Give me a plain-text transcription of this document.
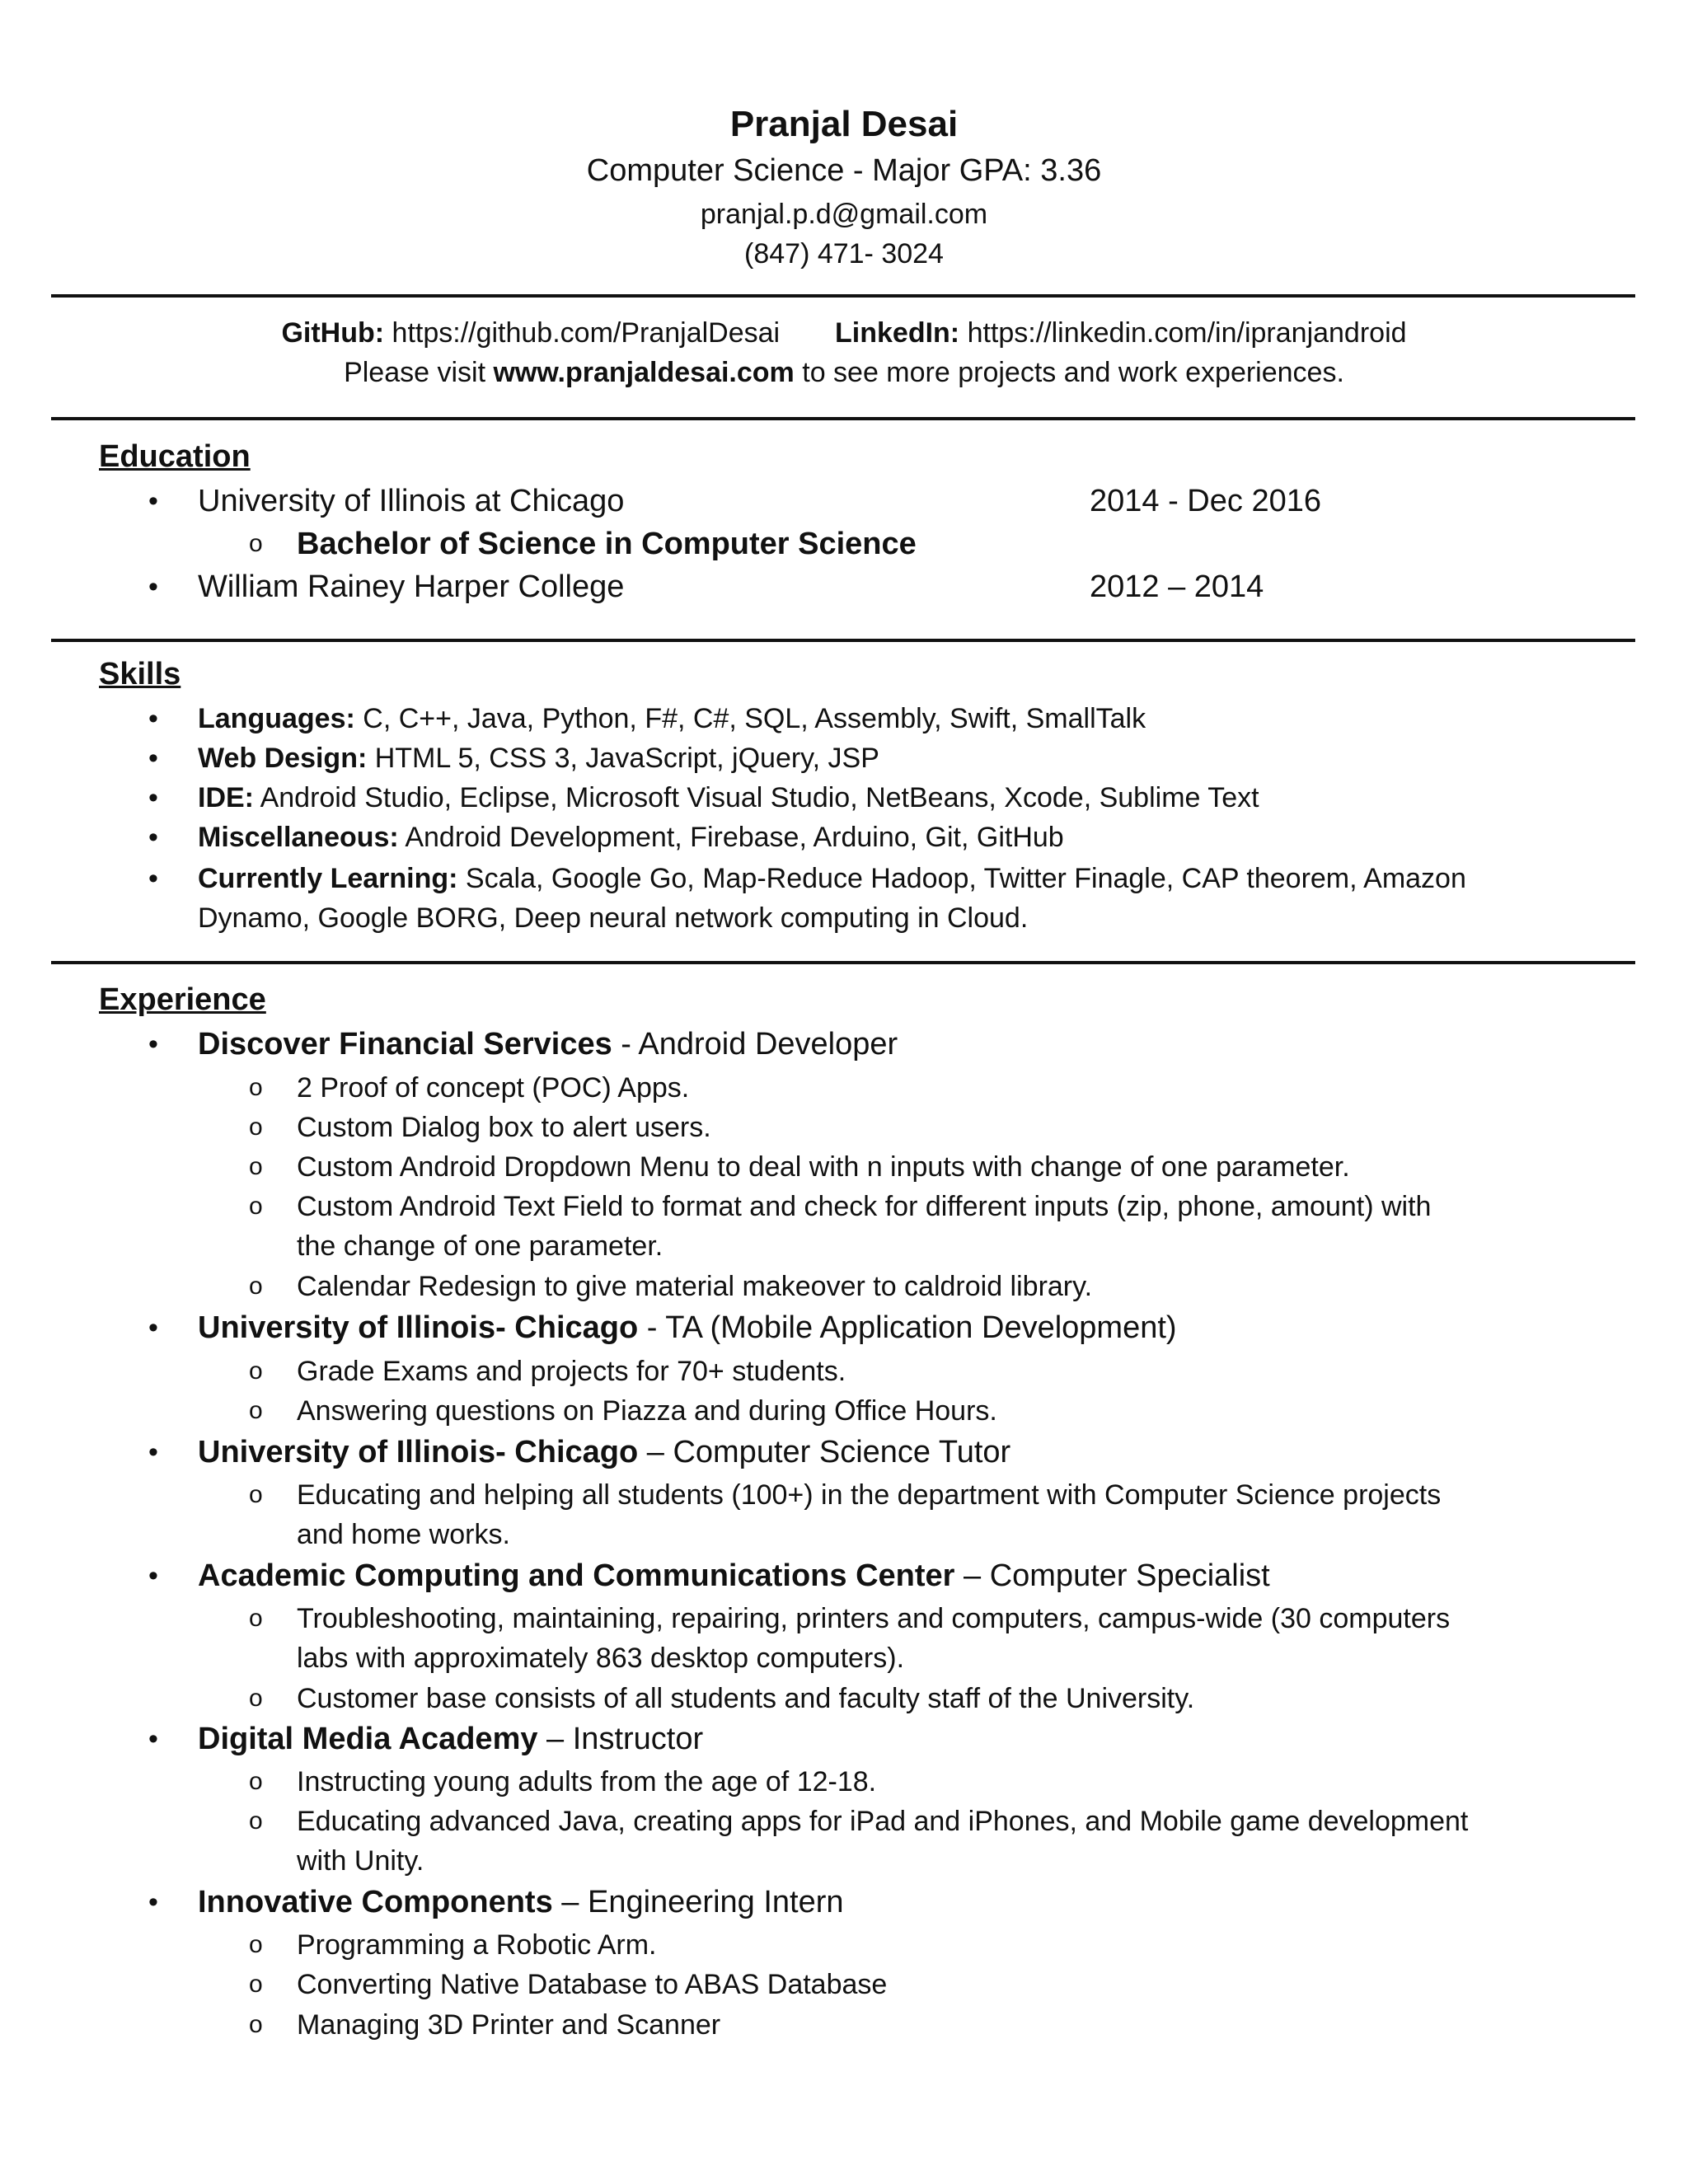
Pranjal Desai
Computer Science - Major GPA: 3.36
pranjal.p.d@gmail.com
(847) 471- 3024
GitHub: https://github.com/PranjalDesai LinkedIn: https://linkedin.com/in/ipranjandroid
Please visit www.pranjaldesai.com to see more projects and work experiences.
Education
• University of Illinois at Chicago	2014 - Dec 2016
o Bachelor of Science in Computer Science
• William Rainey Harper College	2012 – 2014
Skills
• Languages: C, C++, Java, Python, F#, C#, SQL, Assembly, Swift, SmallTalk
• Web Design: HTML 5, CSS 3, JavaScript, jQuery, JSP
• IDE: Android Studio, Eclipse, Microsoft Visual Studio, NetBeans, Xcode, Sublime Text
• Miscellaneous: Android Development, Firebase, Arduino, Git, GitHub
• Currently Learning: Scala, Google Go, Map-Reduce Hadoop, Twitter Finagle, CAP theorem, Amazon
Dynamo, Google BORG, Deep neural network computing in Cloud.
Experience
• Discover Financial Services - Android Developer
o 2 Proof of concept (POC) Apps.
o Custom Dialog box to alert users.
o Custom Android Dropdown Menu to deal with n inputs with change of one parameter.
o Custom Android Text Field to format and check for different inputs (zip, phone, amount) with
the change of one parameter.
o Calendar Redesign to give material makeover to caldroid library.
• University of Illinois- Chicago - TA (Mobile Application Development)
o Grade Exams and projects for 70+ students.
o Answering questions on Piazza and during Office Hours.
• University of Illinois- Chicago – Computer Science Tutor
o Educating and helping all students (100+) in the department with Computer Science projects
and home works.
• Academic Computing and Communications Center – Computer Specialist
o Troubleshooting, maintaining, repairing, printers and computers, campus-wide (30 computers
labs with approximately 863 desktop computers).
o Customer base consists of all students and faculty staff of the University.
• Digital Media Academy – Instructor
o Instructing young adults from the age of 12-18.
o Educating advanced Java, creating apps for iPad and iPhones, and Mobile game development
with Unity.
• Innovative Components – Engineering Intern
o Programming a Robotic Arm.
o Converting Native Database to ABAS Database
o Managing 3D Printer and Scanner
